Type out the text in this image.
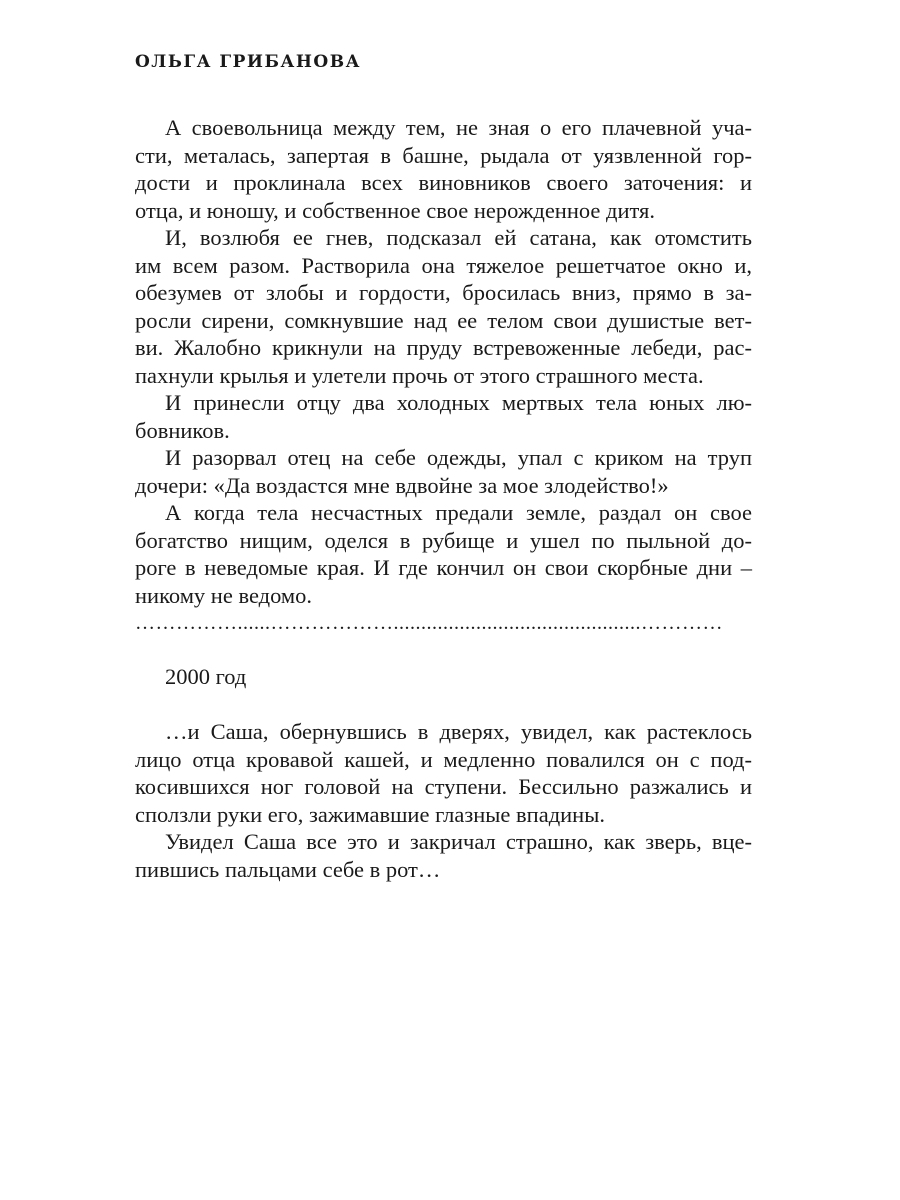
ОЛЬГА ГРИБАНОВА
А своевольница между тем, не зная о его плачевной уча-
сти, металась, запертая в башне, рыдала от уязвленной гор-
дости и проклинала всех виновников своего заточения: и
отца, и юношу, и собственное свое нерожденное дитя.
И, возлюбя ее гнев, подсказал ей сатана, как отомстить
им всем разом. Растворила она тяжелое решетчатое окно и,
обезумев от злобы и гордости, бросилась вниз, прямо в за-
росли сирени, сомкнувшие над ее телом свои душистые вет-
ви. Жалобно крикнули на пруду встревоженные лебеди, рас-
пахнули крылья и улетели прочь от этого страшного места.
И принесли отцу два холодных мертвых тела юных лю-
бовников.
И разорвал отец на себе одежды, упал с криком на труп
дочери: «Да воздастся мне вдвойне за мое злодейство!»
А когда тела несчастных предали земле, раздал он свое
богатство нищим, оделся в рубище и ушел по пыльной до-
роге в неведомые края. И где кончил он свои скорбные дни –
никому не ведомо.
……………......……………….............................................…………
2000 год
…и Саша, обернувшись в дверях, увидел, как растеклось
лицо отца кровавой кашей, и медленно повалился он с под-
косившихся ног головой на ступени. Бессильно разжались и
сползли руки его, зажимавшие глазные впадины.
Увидел Саша все это и закричал страшно, как зверь, вце-
пившись пальцами себе в рот…
